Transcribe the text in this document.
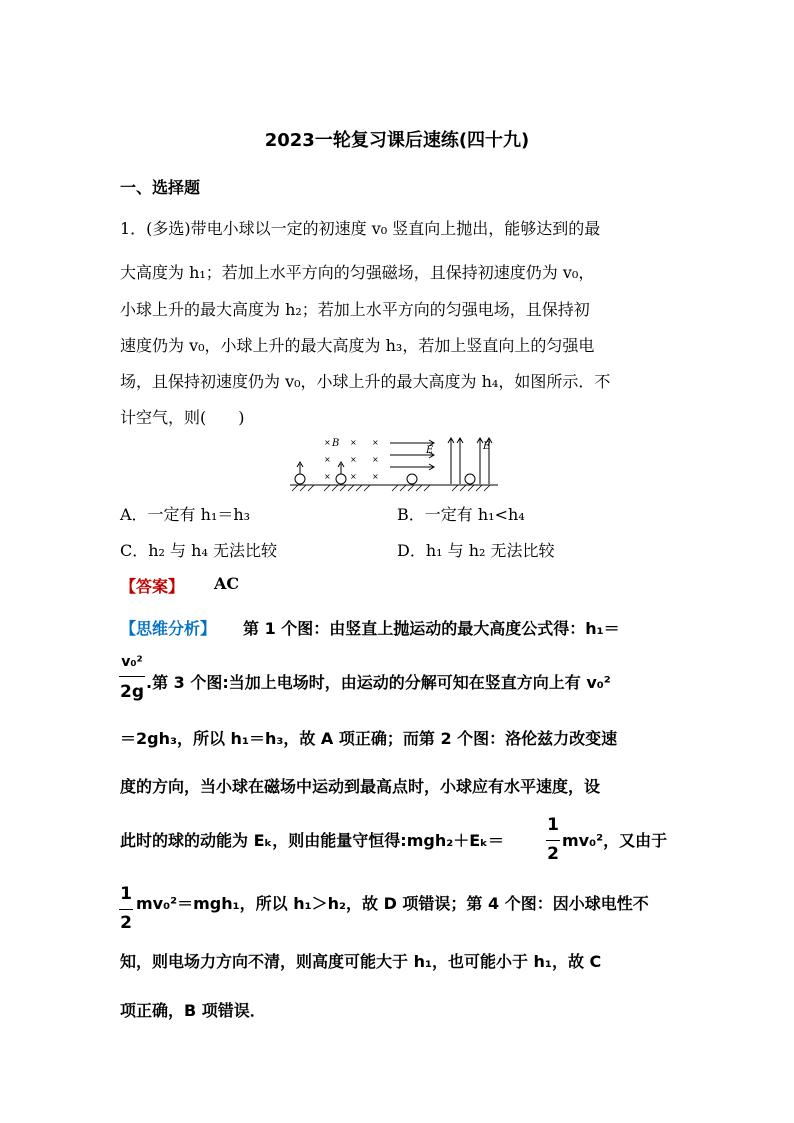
2023一轮复习课后速练(四十九)
一、选择题
1．(多选)带电小球以一定的初速度 v₀ 竖直向上抛出，能够达到的最
大高度为 h₁；若加上水平方向的匀强磁场，且保持初速度仍为 v₀，
小球上升的最大高度为 h₂；若加上水平方向的匀强电场，且保持初
速度仍为 v₀，小球上升的最大高度为 h₃，若加上竖直向上的匀强电
场，且保持初速度仍为 v₀，小球上升的最大高度为 h₄，如图所示．不
计空气，则(　　)
× × ×
× × ×
× × ×
B
E	E
A．一定有 h₁＝h₃	B．一定有 h₁<h₄
C．h₂ 与 h₄ 无法比较	D．h₁ 与 h₂ 无法比较
【答案】 AC
【思维分析】 第 1 个图：由竖直上抛运动的最大高度公式得：h₁＝
v₀²
2g .第 3 个图:当加上电场时，由运动的分解可知在竖直方向上有 v₀²
＝2gh₃，所以 h₁＝h₃，故 A 项正确；而第 2 个图：洛伦兹力改变速
度的方向，当小球在磁场中运动到最高点时，小球应有水平速度，设
此时的球的动能为 Eₖ，则由能量守恒得:mgh₂＋Eₖ＝
1
2
mv₀²，又由于
1
2
mv₀²＝mgh₁，所以 h₁＞h₂，故 D 项错误；第 4 个图：因小球电性不
知，则电场力方向不清，则高度可能大于 h₁，也可能小于 h₁，故 C
项正确，B 项错误．
